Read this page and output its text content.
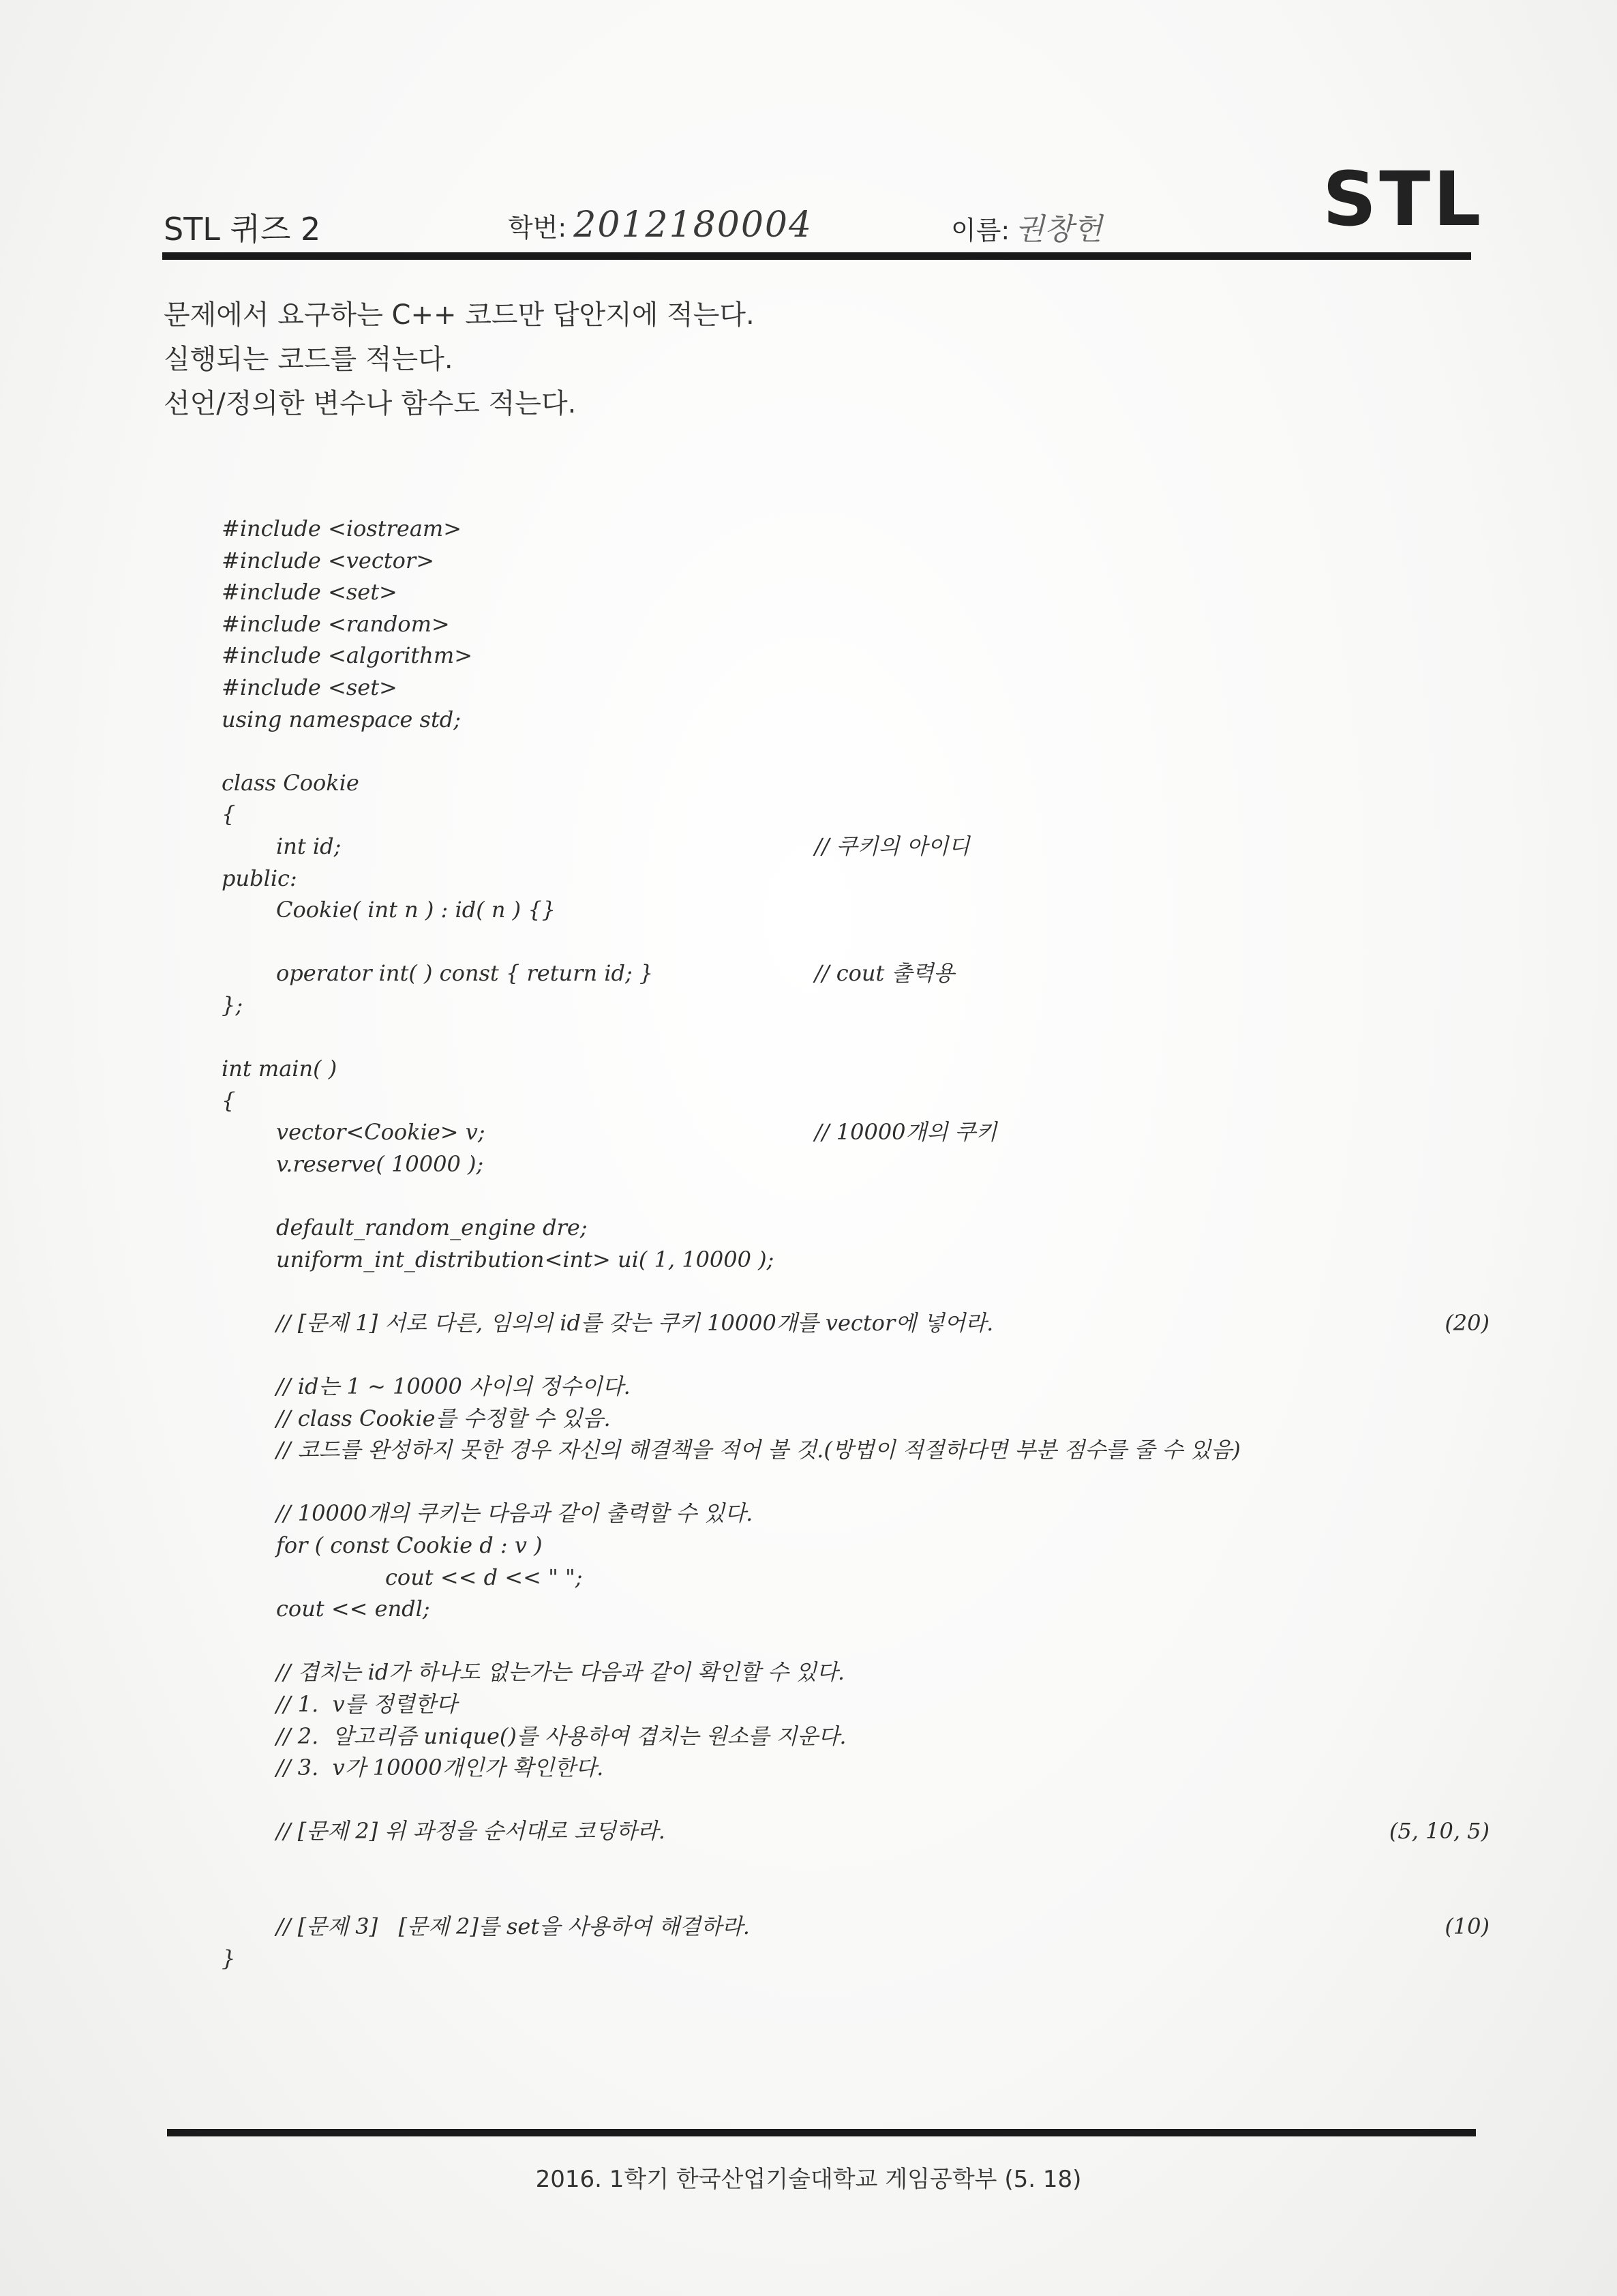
STL 퀴즈 2	학번: 2012180004	이름: 권창헌	STL
문제에서 요구하는 C++ 코드만 답안지에 적는다.
실행되는 코드를 적는다.
선언/정의한 변수나 함수도 적는다.
#include <iostream>
#include <vector>
#include <set>
#include <random>
#include <algorithm>
#include <set>
using namespace std;
class Cookie
{
int id;	// 쿠키의 아이디
public:
Cookie( int n ) : id( n ) {}
operator int( ) const { return id; }	// cout 출력용
};
int main( )
{
vector<Cookie> v;	// 10000개의 쿠키
v.reserve( 10000 );
default_random_engine dre;
uniform_int_distribution<int> ui( 1, 10000 );
// [문제 1] 서로 다른, 임의의 id를 갖는 쿠키 10000개를 vector에 넣어라.	(20)
// id는 1 ~ 10000 사이의 정수이다.
// class Cookie를 수정할 수 있음.
// 코드를 완성하지 못한 경우 자신의 해결책을 적어 볼 것.(방법이 적절하다면 부분 점수를 줄 수 있음)
// 10000개의 쿠키는 다음과 같이 출력할 수 있다.
for ( const Cookie d : v )
cout << d << " ";
cout << endl;
// 겹치는 id가 하나도 없는가는 다음과 같이 확인할 수 있다.
// 1.  v를 정렬한다
// 2.  알고리즘 unique()를 사용하여 겹치는 원소를 지운다.
// 3.  v가 10000개인가 확인한다.
// [문제 2] 위 과정을 순서대로 코딩하라.	(5, 10, 5)
// [문제 3]   [문제 2]를 set을 사용하여 해결하라.	(10)
}
2016. 1학기 한국산업기술대학교 게임공학부 (5. 18)
